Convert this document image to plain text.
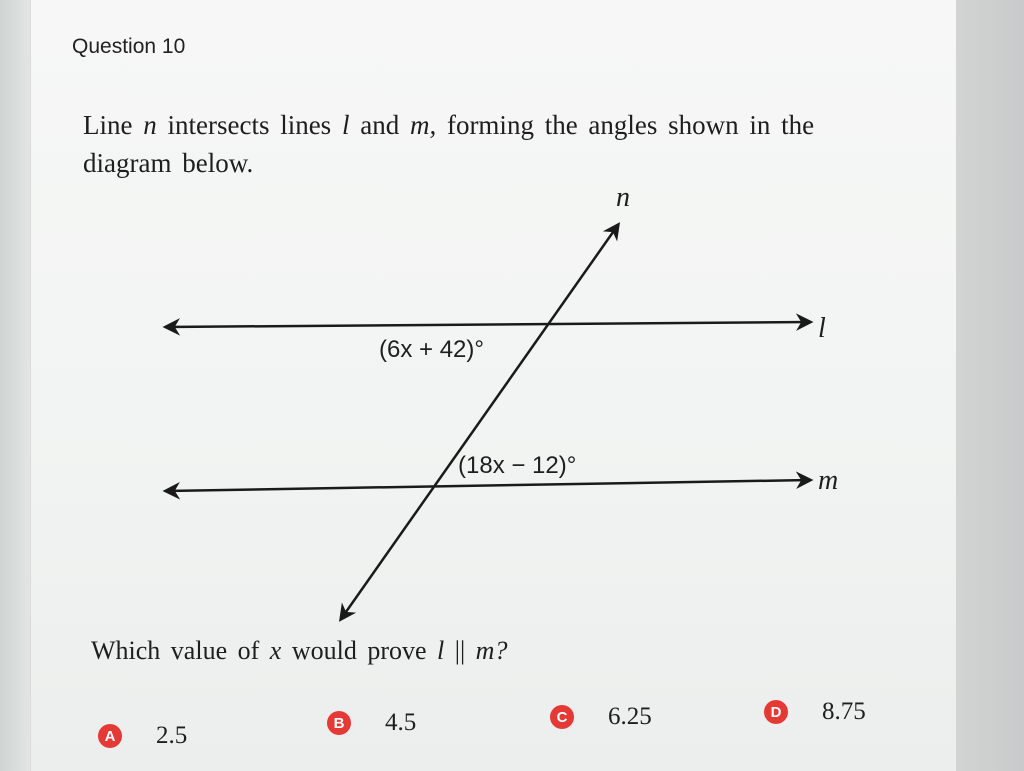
Question 10
Line n intersects lines l and m, forming the angles shown in the
diagram below.
n
l
m
(6x + 42)°
(18x − 12)°
Which value of x would prove l || m?
A 2.5	B 4.5	C 6.25	D 8.75
